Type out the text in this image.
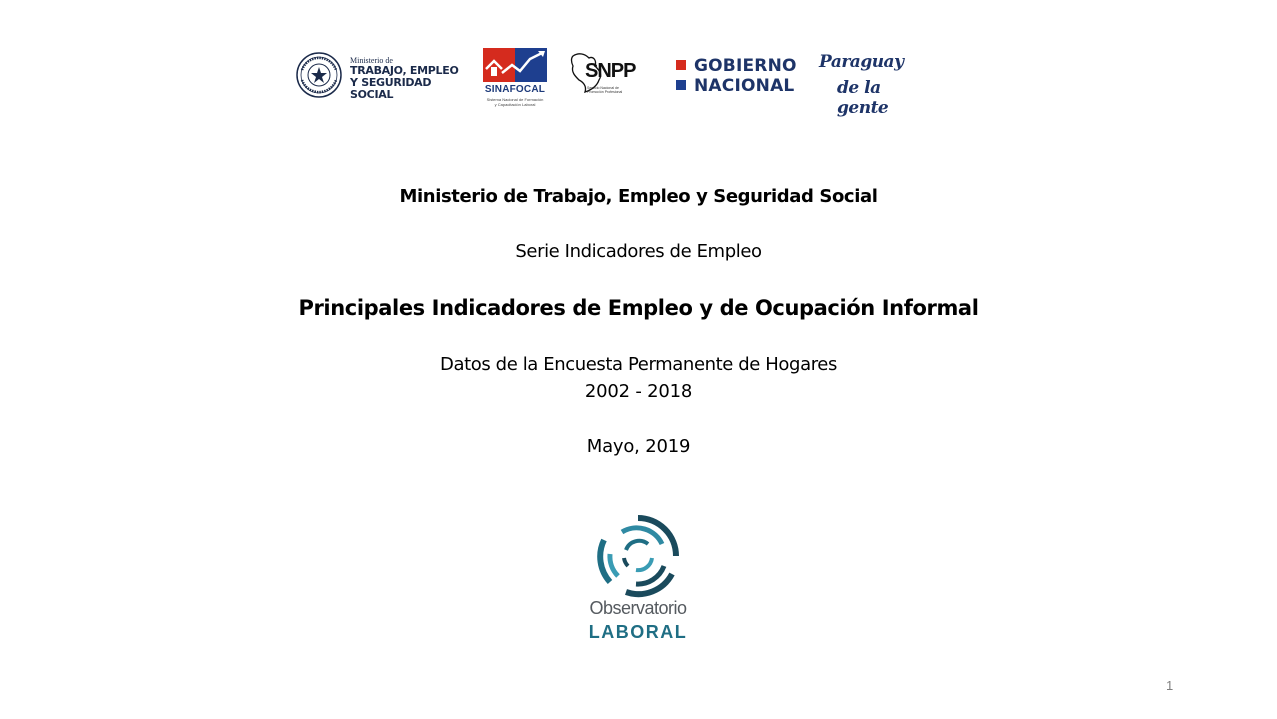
Ministerio de
TRABAJO, EMPLEO
Y SEGURIDAD SOCIAL	SINAFOCAL
Sistema Nacional de Formación
y Capacitación Laboral
SNPP
Servicio Nacional de
Promoción Profesional
GOBIERNO
NACIONAL
Paraguay
de la gente
Ministerio de Trabajo, Empleo y Seguridad Social
Serie Indicadores de Empleo
Principales Indicadores de Empleo y de Ocupación Informal
Datos de la Encuesta Permanente de Hogares
2002 - 2018
Mayo, 2019
Observatorio
LABORAL
1
